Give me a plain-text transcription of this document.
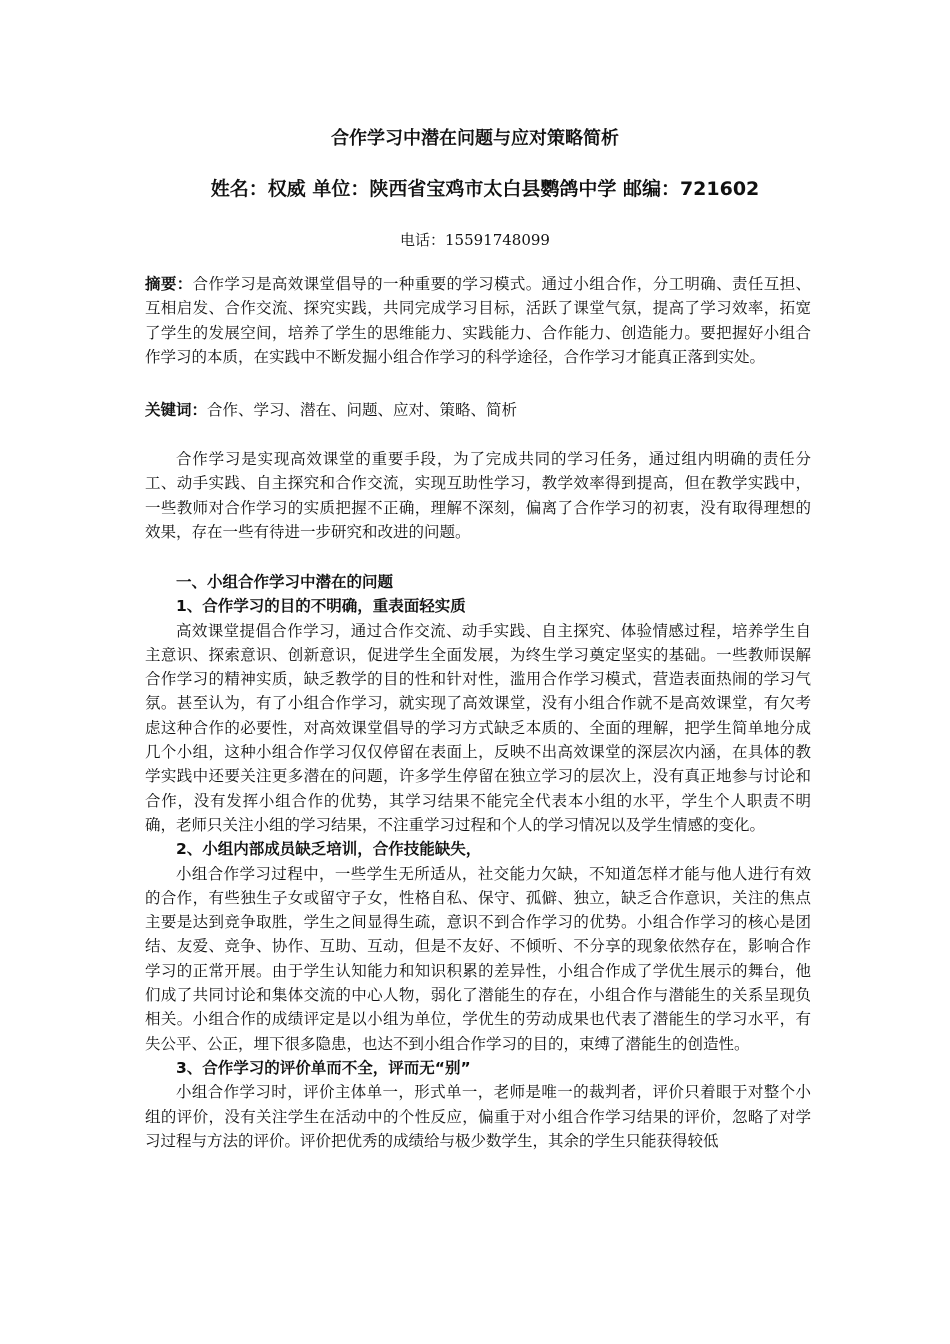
合作学习中潜在问题与应对策略简析
姓名：权威 单位：陕西省宝鸡市太白县鹦鸽中学 邮编：721602
电话：15591748099
摘要：合作学习是高效课堂倡导的一种重要的学习模式。通过小组合作，分工明确、责任互担、互相启发、合作交流、探究实践，共同完成学习目标，活跃了课堂气氛，提高了学习效率，拓宽了学生的发展空间，培养了学生的思维能力、实践能力、合作能力、创造能力。要把握好小组合作学习的本质，在实践中不断发掘小组合作学习的科学途径，合作学习才能真正落到实处。
关键词：合作、学习、潜在、问题、应对、策略、简析

合作学习是实现高效课堂的重要手段，为了完成共同的学习任务，通过组内明确的责任分工、动手实践、自主探究和合作交流，实现互助性学习，教学效率得到提高，但在教学实践中，一些教师对合作学习的实质把握不正确，理解不深刻，偏离了合作学习的初衷，没有取得理想的效果，存在一些有待进一步研究和改进的问题。

一、小组合作学习中潜在的问题

1、合作学习的目的不明确，重表面轻实质

高效课堂提倡合作学习，通过合作交流、动手实践、自主探究、体验情感过程，培养学生自主意识、探索意识、创新意识，促进学生全面发展，为终生学习奠定坚实的基础。一些教师误解合作学习的精神实质，缺乏教学的目的性和针对性，滥用合作学习模式，营造表面热闹的学习气氛。甚至认为，有了小组合作学习，就实现了高效课堂，没有小组合作就不是高效课堂，有欠考虑这种合作的必要性，对高效课堂倡导的学习方式缺乏本质的、全面的理解，把学生简单地分成几个小组，这种小组合作学习仅仅停留在表面上，反映不出高效课堂的深层次内涵，在具体的教学实践中还要关注更多潜在的问题，许多学生停留在独立学习的层次上，没有真正地参与讨论和合作，没有发挥小组合作的优势，其学习结果不能完全代表本小组的水平，学生个人职责不明确，老师只关注小组的学习结果，不注重学习过程和个人的学习情况以及学生情感的变化。

2、小组内部成员缺乏培训，合作技能缺失，

小组合作学习过程中，一些学生无所适从，社交能力欠缺，不知道怎样才能与他人进行有效的合作，有些独生子女或留守子女，性格自私、保守、孤僻、独立，缺乏合作意识，关注的焦点主要是达到竞争取胜，学生之间显得生疏，意识不到合作学习的优势。小组合作学习的核心是团结、友爱、竞争、协作、互助、互动，但是不友好、不倾听、不分享的现象依然存在，影响合作学习的正常开展。由于学生认知能力和知识积累的差异性，小组合作成了学优生展示的舞台，他们成了共同讨论和集体交流的中心人物，弱化了潜能生的存在，小组合作与潜能生的关系呈现负相关。小组合作的成绩评定是以小组为单位，学优生的劳动成果也代表了潜能生的学习水平，有失公平、公正，埋下很多隐患，也达不到小组合作学习的目的，束缚了潜能生的创造性。

3、合作学习的评价单而不全，评而无“别”

小组合作学习时，评价主体单一，形式单一，老师是唯一的裁判者，评价只着眼于对整个小组的评价，没有关注学生在活动中的个性反应，偏重于对小组合作学习结果的评价，忽略了对学习过程与方法的评价。评价把优秀的成绩给与极少数学生，其余的学生只能获得较低
